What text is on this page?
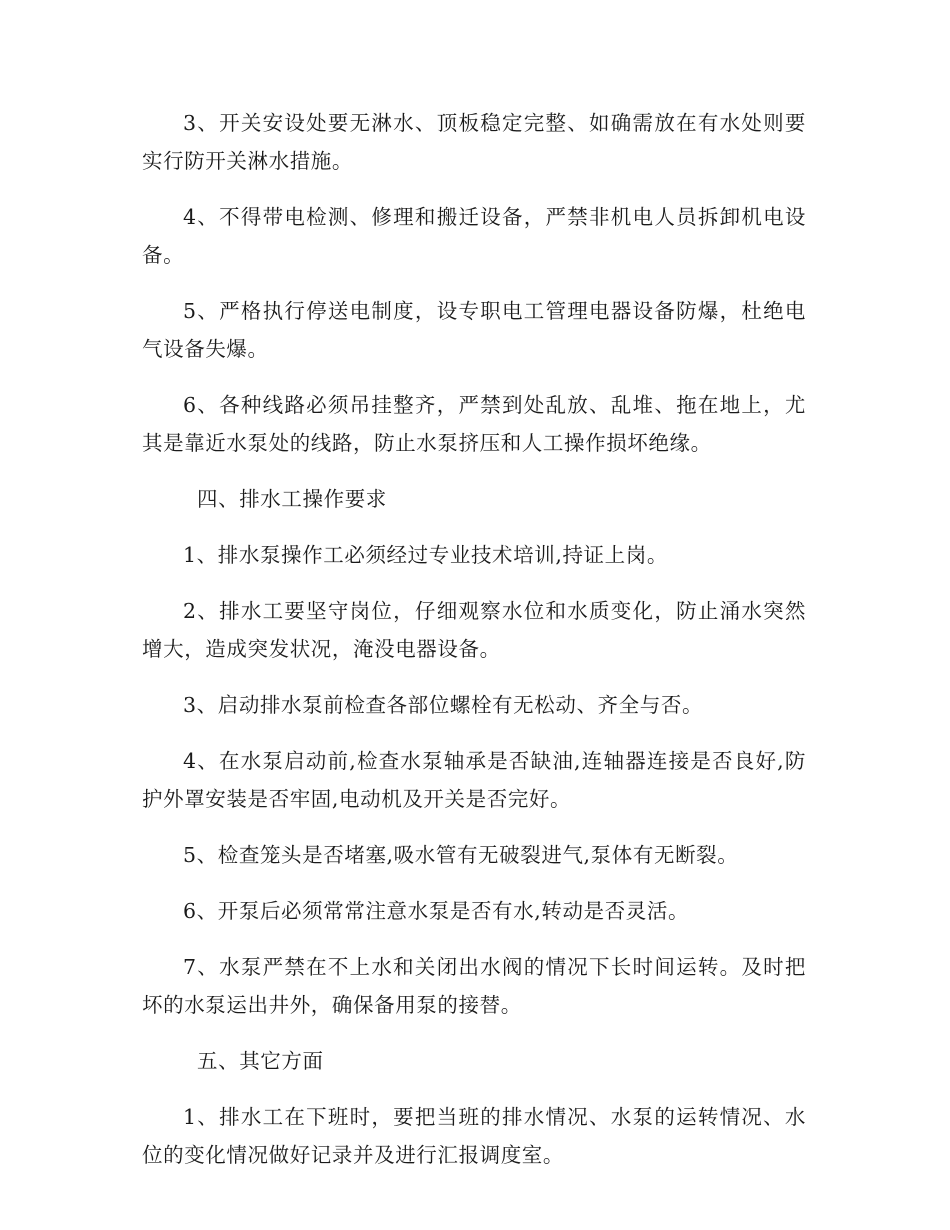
3、开关安设处要无淋水、顶板稳定完整、如确需放在有水处则要实行防开关淋水措施。

4、不得带电检测、修理和搬迁设备，严禁非机电人员拆卸机电设备。

5、严格执行停送电制度，设专职电工管理电器设备防爆，杜绝电气设备失爆。

6、各种线路必须吊挂整齐，严禁到处乱放、乱堆、拖在地上，尤其是靠近水泵处的线路，防止水泵挤压和人工操作损坏绝缘。

四、排水工操作要求

1、排水泵操作工必须经过专业技术培训,持证上岗。

2、排水工要坚守岗位，仔细观察水位和水质变化，防止涌水突然增大，造成突发状况，淹没电器设备。

3、启动排水泵前检查各部位螺栓有无松动、齐全与否。

4、在水泵启动前,检查水泵轴承是否缺油,连轴器连接是否良好,防护外罩安装是否牢固,电动机及开关是否完好。

5、检查笼头是否堵塞,吸水管有无破裂进气,泵体有无断裂。

6、开泵后必须常常注意水泵是否有水,转动是否灵活。

7、水泵严禁在不上水和关闭出水阀的情况下长时间运转。及时把坏的水泵运出井外，确保备用泵的接替。

五、其它方面

1、排水工在下班时，要把当班的排水情况、水泵的运转情况、水位的变化情况做好记录并及进行汇报调度室。
